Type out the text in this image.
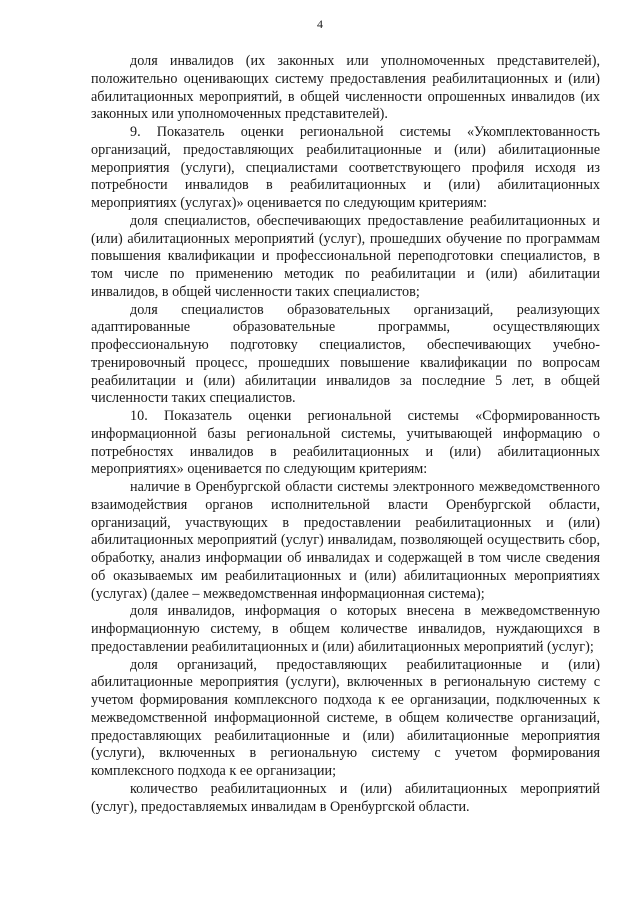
4

доля инвалидов (их законных или уполномоченных представителей), положительно оценивающих систему предоставления реабилитационных и (или) абилитационных мероприятий, в общей численности опрошенных инвалидов (их законных или уполномоченных представителей).

9. Показатель оценки региональной системы «Укомплектованность организаций, предоставляющих реабилитационные и (или) абилитационные мероприятия (услуги), специалистами соответствующего профиля исходя из потребности инвалидов в реабилитационных и (или) абилитационных мероприятиях (услугах)» оценивается по следующим критериям:

доля специалистов, обеспечивающих предоставление реабилитационных и (или) абилитационных мероприятий (услуг), прошедших обучение по программам повышения квалификации и профессиональной переподготовки специалистов, в том числе по применению методик по реабилитации и (или) абилитации инвалидов, в общей численности таких специалистов;

доля специалистов образовательных организаций, реализующих адаптированные образовательные программы, осуществляющих профессиональную подготовку специалистов, обеспечивающих учебно-тренировочный процесс, прошедших повышение квалификации по вопросам реабилитации и (или) абилитации инвалидов за последние 5 лет, в общей численности таких специалистов.

10. Показатель оценки региональной системы «Сформированность информационной базы региональной системы, учитывающей информацию о потребностях инвалидов в реабилитационных и (или) абилитационных мероприятиях» оценивается по следующим критериям:

наличие в Оренбургской области системы электронного межведомственного взаимодействия органов исполнительной власти Оренбургской области, организаций, участвующих в предоставлении реабилитационных и (или) абилитационных мероприятий (услуг) инвалидам, позволяющей осуществить сбор, обработку, анализ информации об инвалидах и содержащей в том числе сведения об оказываемых им реабилитационных и (или) абилитационных мероприятиях (услугах) (далее – межведомственная информационная система);

доля инвалидов, информация о которых внесена в межведомственную информационную систему, в общем количестве инвалидов, нуждающихся в предоставлении реабилитационных и (или) абилитационных мероприятий (услуг);

доля организаций, предоставляющих реабилитационные и (или) абилитационные мероприятия (услуги), включенных в региональную систему с учетом формирования комплексного подхода к ее организации, подключенных к межведомственной информационной системе, в общем количестве организаций, предоставляющих реабилитационные и (или) абилитационные мероприятия (услуги), включенных в региональную систему с учетом формирования комплексного подхода к ее организации;

количество реабилитационных и (или) абилитационных мероприятий (услуг), предоставляемых инвалидам в Оренбургской области.
